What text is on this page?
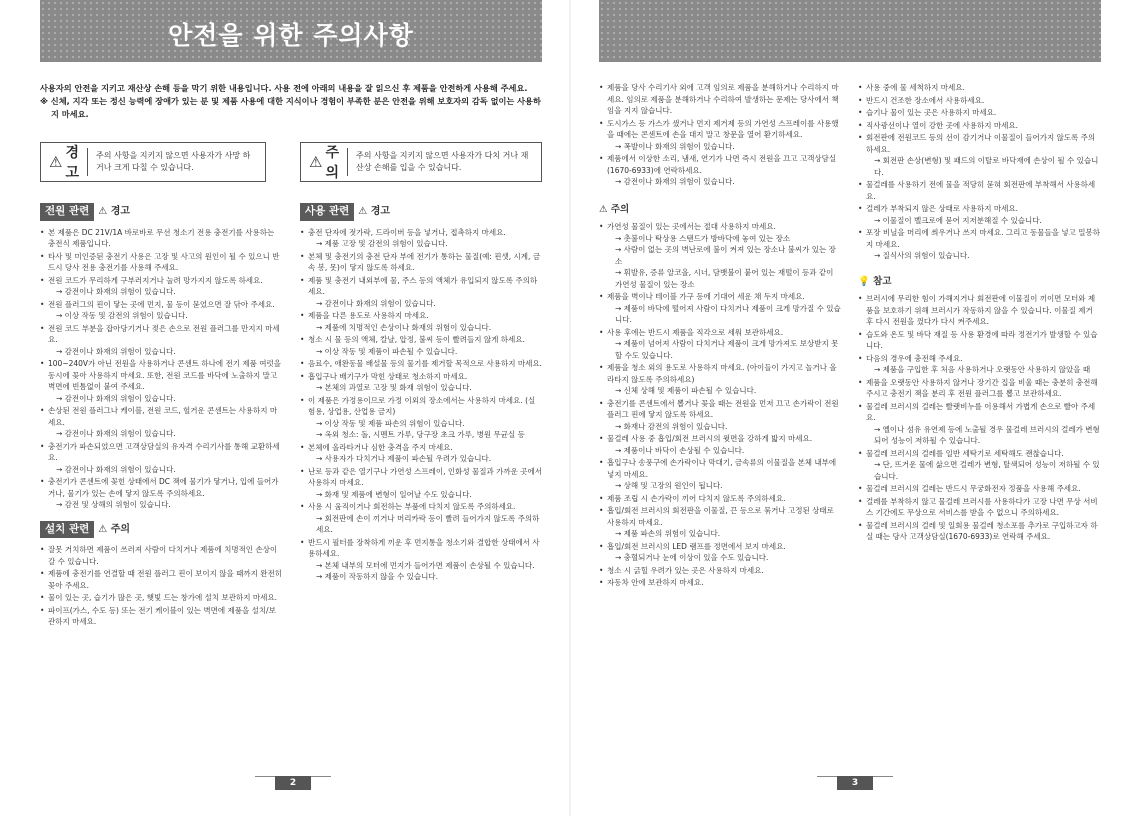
안전을 위한 주의사항
사용자의 안전을 지키고 재산상 손해 등을 막기 위한 내용입니다. 사용 전에 아래의 내용을 잘 읽으신 후 제품을 안전하게 사용해 주세요.
※ 신체, 지각 또는 정신 능력에 장애가 있는 분 및 제품 사용에 대한 지식이나 경험이 부족한 분은 안전을 위해 보호자의 감독 없이는 사용하지 마세요.
⚠ 경고
주의 사항을 지키지 않으면 사용자가 사망 하거나 크게 다칠 수 있습니다.	⚠ 주의
주의 사항을 지키지 않으면 사용자가 다치 거나 재산상 손해를 입을 수 있습니다.
전원 관련 ⚠ 경고
• 본 제품은 DC 21V/1A 바로바로 무선 청소기 전용 충전기를 사용하는 충전식 제품입니다.
• 타사 및 미인증된 충전기 사용은 고장 및 사고의 원인이 될 수 있으니 반드시 당사 전용 충전기를 사용해 주세요.
• 전원 코드가 무리하게 구부러지거나 눌려 망가지지 않도록 하세요.
→ 감전이나 화재의 위험이 있습니다.
• 전원 플러그의 핀이 닿는 곳에 먼지, 물 등이 묻었으면 잘 닦아 주세요.
→ 이상 작동 및 감전의 위험이 있습니다.
• 전원 코드 부분을 잡아당기거나 젖은 손으로 전원 플러그를 만지지 마세요.
→ 감전이나 화재의 위험이 있습니다.
• 100~240V가 아닌 전원을 사용하거나 콘센트 하나에 전기 제품 여럿을 동시에 꽂아 사용하지 마세요. 또한, 전원 코드를 바닥에 노출하지 말고 벽면에 빈틈없이 붙여 주세요.
→ 감전이나 화재의 위험이 있습니다.
• 손상된 전원 플러그나 케이블, 전원 코드, 헐거운 콘센트는 사용하지 마세요.
→ 감전이나 화재의 위험이 있습니다.
• 충전기가 파손되었으면 고객상담실의 유자격 수리기사를 통해 교환하세요.
→ 감전이나 화재의 위험이 있습니다.
• 충전기가 콘센트에 꽂힌 상태에서 DC 잭에 물기가 닿거나, 입에 들어가거나, 물기가 있는 손에 닿지 않도록 주의하세요.
→ 감전 및 상해의 위험이 있습니다.
설치 관련 ⚠ 주의
• 잘못 거치하면 제품이 쓰러져 사람이 다치거나 제품에 치명적인 손상이 갈 수 있습니다.
• 제품에 충전기를 연결할 때 전원 플러그 핀이 보이지 않을 때까지 완전히 꽂아 주세요.
• 물이 있는 곳, 습기가 많은 곳, 햇빛 드는 창가에 설치 보관하지 마세요.
• 파이프(가스, 수도 등) 또는 전기 케이블이 있는 벽면에 제품을 설치/보관하지 마세요.
사용 관련 ⚠ 경고
• 충전 단자에 젓가락, 드라이버 등을 넣거나, 접촉하지 마세요.
→ 제품 고장 및 감전의 위험이 있습니다.
• 본체 및 충전기의 충전 단자 부에 전기가 통하는 물질(예: 핀셋, 시계, 금속 봉, 못)이 닿지 않도록 하세요.
• 제품 및 충전기 내외부에 물, 주스 등의 액체가 유입되지 않도록 주의하세요.
→ 감전이나 화재의 위험이 있습니다.
• 제품을 다른 용도로 사용하지 마세요.
→ 제품에 치명적인 손상이나 화재의 위험이 있습니다.
• 청소 시 물 등의 액체, 칼날, 압정, 불씨 등이 빨려들지 않게 하세요.
→ 이상 작동 및 제품이 파손될 수 있습니다.
• 음료수, 애완동물 배설물 등의 물기를 제거할 목적으로 사용하지 마세요.
• 흡입구나 배기구가 막힌 상태로 청소하지 마세요.
→ 본체의 과열로 고장 및 화재 위험이 있습니다.
• 이 제품은 가정용이므로 가정 이외의 장소에서는 사용하지 마세요. (실험용, 상업용, 산업용 금지)
→ 이상 작동 및 제품 파손의 위험이 있습니다.
→ 옥외 청소: 돌, 시멘트 가루, 당구장 초크 가루, 병원 무균실 등
• 본체에 올라타거나 심한 충격을 주지 마세요.
→ 사용자가 다치거나 제품이 파손될 우려가 있습니다.
• 난로 등과 같은 열기구나 가연성 스프레이, 인화성 물질과 가까운 곳에서 사용하지 마세요.
→ 화재 및 제품에 변형이 일어날 수도 있습니다.
• 사용 시 움직이거나 회전하는 부품에 다치지 않도록 주의하세요.
→ 회전판에 손이 끼거나 머리카락 등이 빨려 들어가지 않도록 주의하세요.
• 반드시 필터를 장착하게 끼운 후 먼지통을 청소기와 결합한 상태에서 사용하세요.
→ 본체 내부의 모터에 먼지가 들어가면 제품이 손상될 수 있습니다.
→ 제품이 작동하지 않을 수 있습니다.
2
• 제품을 당사 수리기사 외에 고객 임의로 제품을 분해하거나 수리하지 마세요. 임의로 제품을 분해하거나 수리하여 발생하는 문제는 당사에서 책임을 지지 않습니다.
• 도시가스 등 가스가 샜거나 먼지 제거제 등의 가연성 스프레이를 사용했을 때에는 콘센트에 손을 대지 말고 창문을 열어 환기하세요.
→ 폭발이나 화재의 위험이 있습니다.
• 제품에서 이상한 소리, 냄새, 연기가 나면 즉시 전원을 끄고 고객상담실(1670-6933)에 연락하세요.
→ 감전이나 화재의 위험이 있습니다.
⚠ 주의
• 가연성 물질이 있는 곳에서는 절대 사용하지 마세요.
→ 촛불이나 탁상용 스탠드가 방바닥에 놓여 있는 장소
→ 사람이 없는 곳의 벽난로에 불이 켜져 있는 장소나 불씨가 있는 장소
→ 휘발유, 증류 알코올, 시너, 담뱃불이 붙어 있는 재떨이 등과 같이 가연성 물질이 있는 장소
• 제품을 벽이나 테이블 가구 등에 기대어 세운 채 두지 마세요.
→ 제품이 바닥에 떨어져 사람이 다치거나 제품이 크게 망가질 수 있습니다.
• 사용 후에는 반드시 제품을 직각으로 세워 보관하세요.
→ 제품이 넘어져 사람이 다치거나 제품이 크게 망가져도 보상받지 못할 수도 있습니다.
• 제품을 청소 외의 용도로 사용하지 마세요. (아이들이 가지고 놀거나 올라타지 않도록 주의하세요)
→ 신체 상해 및 제품이 파손될 수 있습니다.
• 충전기를 콘센트에서 뽑거나 꽂을 때는 전원을 먼저 끄고 손가락이 전원 플러그 핀에 닿지 않도록 하세요.
→ 화재나 감전의 위험이 있습니다.
• 물걸레 사용 중 흡입/회전 브러시의 윗면을 강하게 밟지 마세요.
→ 제품이나 바닥이 손상될 수 있습니다.
• 흡입구나 송풍구에 손가락이나 막대기, 금속류의 이물질을 본체 내부에 넣지 마세요.
→ 상해 및 고장의 원인이 됩니다.
• 제품 조립 시 손가락이 끼어 다치지 않도록 주의하세요.
• 흡입/회전 브러시의 회전판을 이물질, 끈 등으로 묶거나 고정된 상태로 사용하지 마세요.
→ 제품 파손의 위험이 있습니다.
• 흡입/회전 브러시의 LED 램프를 정면에서 보지 마세요.
→ 충혈되거나 눈에 이상이 있을 수도 있습니다.
• 청소 시 긁힐 우려가 있는 곳은 사용하지 마세요.
• 자동차 안에 보관하지 마세요.
• 사용 중에 물 세척하지 마세요.
• 반드시 건조한 장소에서 사용하세요.
• 습기나 물이 있는 곳은 사용하지 마세요.
• 직사광선이나 열이 강한 곳에 사용하지 마세요.
• 회전판에 전원코드 등의 선이 감기거나 이물질이 들어가지 않도록 주의하세요.
→ 회전판 손상(변형) 및 패드의 이탈로 바닥재에 손상이 될 수 있습니다.
• 물걸레를 사용하기 전에 물을 적당히 묻혀 회전판에 부착해서 사용하세요.
• 걸레가 부착되지 않은 상태로 사용하지 마세요.
→ 이물질이 벨크로에 묻어 지저분해질 수 있습니다.
• 포장 비닐을 머리에 씌우거나 쓰지 마세요. 그리고 동물들을 넣고 밀봉하지 마세요.
→ 질식사의 위험이 있습니다.
💡 참고
• 브러시에 무리한 힘이 가해지거나 회전판에 이물질이 끼이면 모터와 제품을 보호하기 위해 브러시가 작동하지 않을 수 있습니다. 이물질 제거 후 다시 전원을 껐다가 다시 켜주세요.
• 습도와 온도 및 바닥 재질 등 사용 환경에 따라 정전기가 발생할 수 있습니다.
• 다음의 경우에 충전해 주세요.
→ 제품을 구입한 후 처음 사용하거나 오랫동안 사용하지 않았을 때
• 제품을 오랫동안 사용하지 않거나 장기간 집을 비울 때는 충분히 충전해 주시고 충전기 잭을 분리 후 전원 플러그를 뽑고 보관하세요.
• 물걸레 브러시의 걸레는 빨랫비누를 이용해서 가볍게 손으로 빨아 주세요.
→ 옐이나 섬유 유연제 등에 노출될 경우 물걸레 브러시의 걸레가 변형되어 성능이 저하될 수 있습니다.
• 물걸레 브러시의 걸레를 일반 세탁기로 세탁해도 괜찮습니다.
→ 단, 뜨거운 물에 삶으면 걸레가 변형, 탈색되어 성능이 저하될 수 있습니다.
• 물걸레 브러시의 걸레는 반드시 무궁화전자 정품을 사용해 주세요.
• 걸레를 부착하지 않고 물걸레 브러시를 사용하다가 고장 나면 무상 서비스 기간에도 무상으로 서비스를 받을 수 없으니 주의하세요.
• 물걸레 브러시의 걸레 및 일회용 물걸레 청소포를 추가로 구입하고자 하실 때는 당사 고객상담실(1670-6933)로 연락해 주세요.
3
